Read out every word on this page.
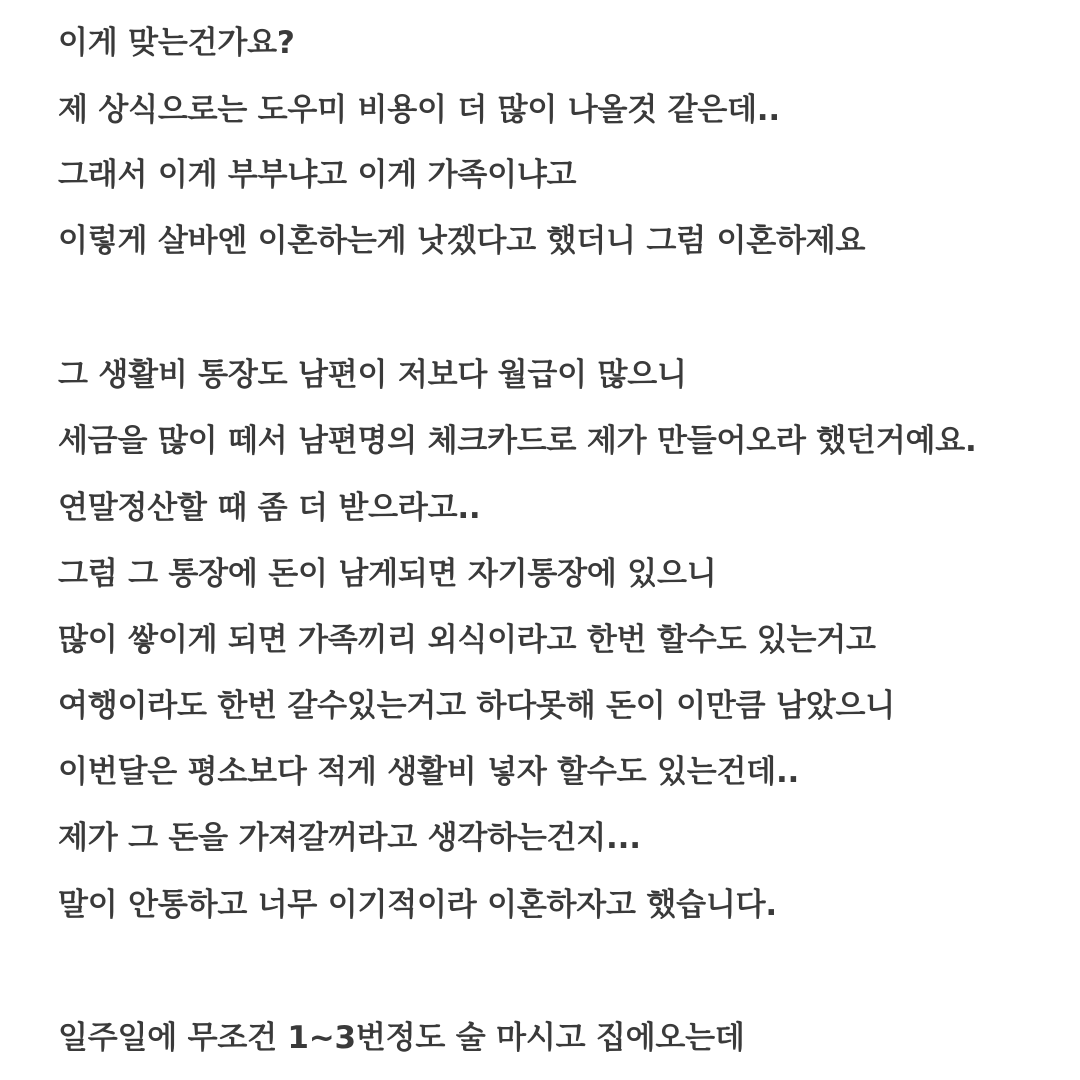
이게 맞는건가요?

제 상식으로는 도우미 비용이 더 많이 나올것 같은데..

그래서 이게 부부냐고 이게 가족이냐고

이렇게 살바엔 이혼하는게 낫겠다고 했더니 그럼 이혼하제요

그 생활비 통장도 남편이 저보다 월급이 많으니

세금을 많이 떼서 남편명의 체크카드로 제가 만들어오라 했던거예요.

연말정산할 때 좀 더 받으라고..

그럼 그 통장에 돈이 남게되면 자기통장에 있으니

많이 쌓이게 되면 가족끼리 외식이라고 한번 할수도 있는거고

여행이라도 한번 갈수있는거고 하다못해 돈이 이만큼 남았으니

이번달은 평소보다 적게 생활비 넣자 할수도 있는건데..

제가 그 돈을 가져갈꺼라고 생각하는건지...

말이 안통하고 너무 이기적이라 이혼하자고 했습니다.

일주일에 무조건 1~3번정도 술 마시고 집에오는데
